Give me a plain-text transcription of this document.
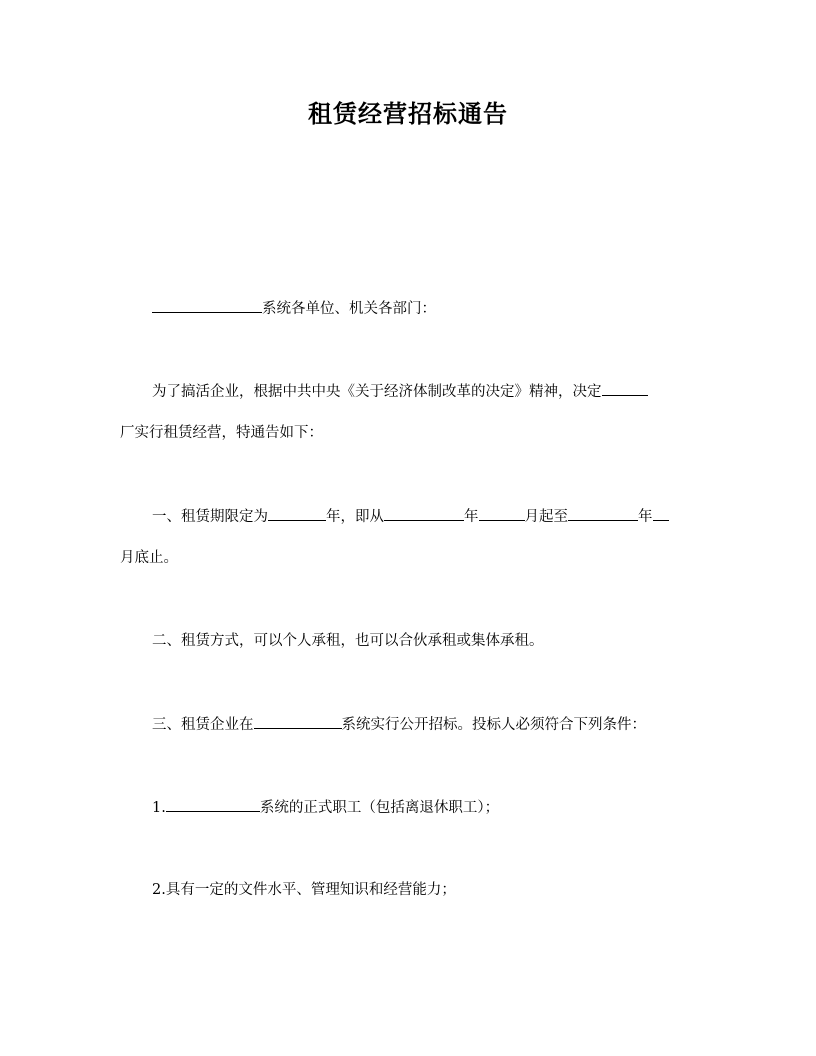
租赁经营招标通告
系统各单位、机关各部门：
为了搞活企业，根据中共中央《关于经济体制改革的决定》精神，决定
厂实行租赁经营，特通告如下：
一、租赁期限定为	年，即从	年	月起至	年
月底止。
二、租赁方式，可以个人承租，也可以合伙承租或集体承租。
三、租赁企业在	系统实行公开招标。投标人必须符合下列条件：
1.	系统的正式职工（包括离退休职工）；
2.具有一定的文件水平、管理知识和经营能力；
